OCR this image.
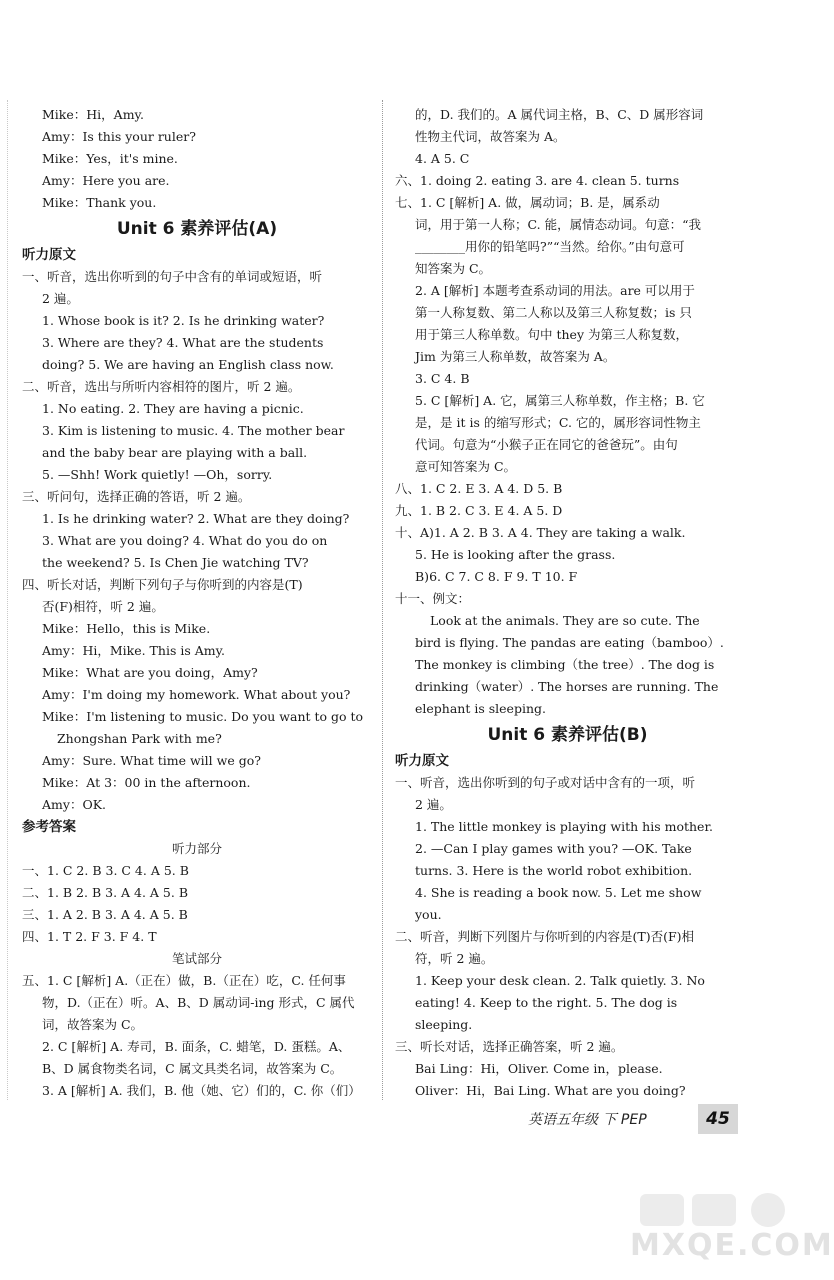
Mike：Hi，Amy.
Amy：Is this your ruler?
Mike：Yes，it's mine.
Amy：Here you are.
Mike：Thank you.
Unit 6 素养评估(A)
听力原文
一、听音，选出你听到的句子中含有的单词或短语，听
2 遍。
1. Whose book is it? 2. Is he drinking water?
3. Where are they? 4. What are the students
doing? 5. We are having an English class now.
二、听音，选出与所听内容相符的图片，听 2 遍。
1. No eating. 2. They are having a picnic.
3. Kim is listening to music. 4. The mother bear
and the baby bear are playing with a ball.
5. —Shh! Work quietly! —Oh，sorry.
三、听问句，选择正确的答语，听 2 遍。
1. Is he drinking water? 2. What are they doing?
3. What are you doing? 4. What do you do on
the weekend? 5. Is Chen Jie watching TV?
四、听长对话，判断下列句子与你听到的内容是(T)
否(F)相符，听 2 遍。
Mike：Hello，this is Mike.
Amy：Hi，Mike. This is Amy.
Mike：What are you doing，Amy?
Amy：I'm doing my homework. What about you?
Mike：I'm listening to music. Do you want to go to
Zhongshan Park with me?
Amy：Sure. What time will we go?
Mike：At 3：00 in the afternoon.
Amy：OK.
参考答案
听力部分
一、1. C 2. B 3. C 4. A 5. B
二、1. B 2. B 3. A 4. A 5. B
三、1. A 2. B 3. A 4. A 5. B
四、1. T 2. F 3. F 4. T
笔试部分
五、1. C [解析] A.（正在）做，B.（正在）吃，C. 任何事
物，D.（正在）听。A、B、D 属动词-ing 形式，C 属代
词，故答案为 C。
2. C [解析] A. 寿司，B. 面条，C. 蜡笔，D. 蛋糕。A、
B、D 属食物类名词，C 属文具类名词，故答案为 C。
3. A [解析] A. 我们，B. 他（她、它）们的，C. 你（们）
的，D. 我们的。A 属代词主格，B、C、D 属形容词
性物主代词，故答案为 A。
4. A 5. C
六、1. doing 2. eating 3. are 4. clean 5. turns
七、1. C [解析] A. 做，属动词；B. 是，属系动
词，用于第一人称；C. 能，属情态动词。句意：“我
________用你的铅笔吗?”“当然。给你。”由句意可
知答案为 C。
2. A [解析] 本题考查系动词的用法。are 可以用于
第一人称复数、第二人称以及第三人称复数；is 只
用于第三人称单数。句中 they 为第三人称复数，
Jim 为第三人称单数，故答案为 A。
3. C 4. B
5. C [解析] A. 它，属第三人称单数，作主格；B. 它
是，是 it is 的缩写形式；C. 它的，属形容词性物主
代词。句意为“小猴子正在同它的爸爸玩”。由句
意可知答案为 C。
八、1. C 2. E 3. A 4. D 5. B
九、1. B 2. C 3. E 4. A 5. D
十、A)1. A 2. B 3. A 4. They are taking a walk.
5. He is looking after the grass.
B)6. C 7. C 8. F 9. T 10. F
十一、例文：
Look at the animals. They are so cute. The
bird is flying. The pandas are eating（bamboo）.
The monkey is climbing（the tree）. The dog is
drinking（water）. The horses are running. The
elephant is sleeping.
Unit 6 素养评估(B)
听力原文
一、听音，选出你听到的句子或对话中含有的一项，听
2 遍。
1. The little monkey is playing with his mother.
2. —Can I play games with you? —OK. Take
turns. 3. Here is the world robot exhibition.
4. She is reading a book now. 5. Let me show
you.
二、听音，判断下列图片与你听到的内容是(T)否(F)相
符，听 2 遍。
1. Keep your desk clean. 2. Talk quietly. 3. No
eating! 4. Keep to the right. 5. The dog is
sleeping.
三、听长对话，选择正确答案，听 2 遍。
Bai Ling：Hi，Oliver. Come in，please.
Oliver：Hi，Bai Ling. What are you doing?
英语五年级 下 PEP	45
MXQE.COM
